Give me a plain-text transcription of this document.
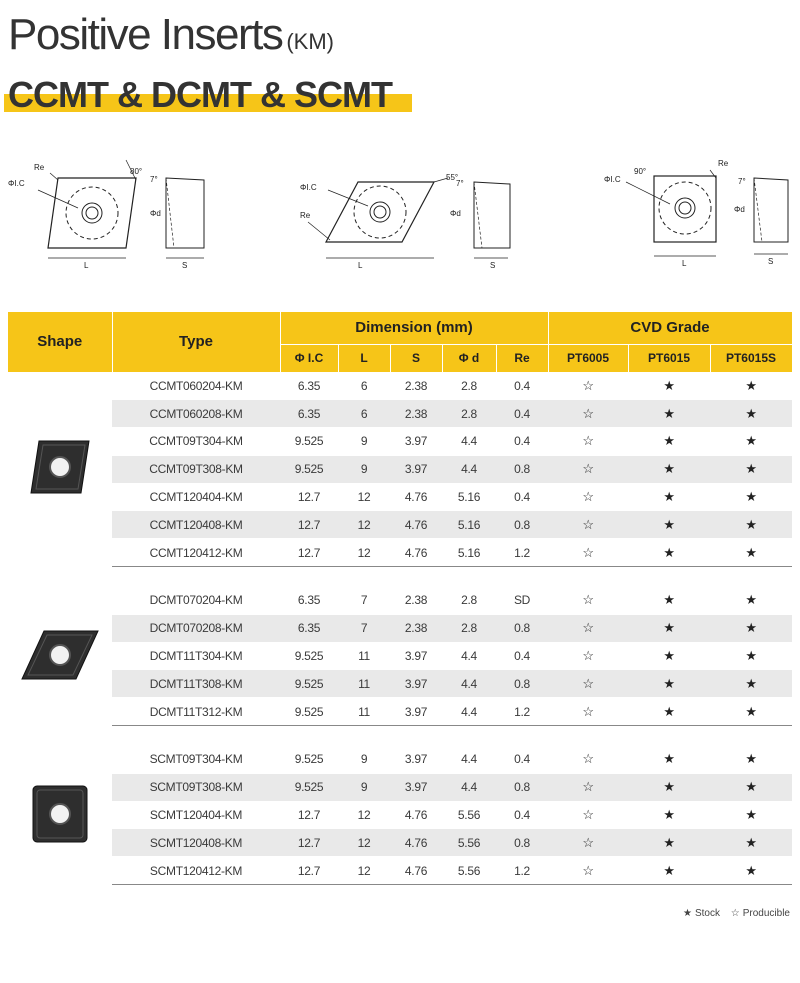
Positive Inserts (KM)
CCMT & DCMT & SCMT
ΦI.C
Re	80°
L
7°
Φd
S
ΦI.C
Re
55°
L
7°
Φd
S
ΦI.C
Re
90°
L
7°
Φd
S
Shape	Type	Dimension (mm)					CVD Grade		
		Φ I.C	L	S	Φ d	Re	PT6005	PT6015	PT6015S
	CCMT060204-KM	6.35	6	2.38	2.8	0.4	☆	★	★
	CCMT060208-KM	6.35	6	2.38	2.8	0.4	☆	★	★
	CCMT09T304-KM	9.525	9	3.97	4.4	0.4	☆	★	★
	CCMT09T308-KM	9.525	9	3.97	4.4	0.8	☆	★	★
	CCMT120404-KM	12.7	12	4.76	5.16	0.4	☆	★	★
	CCMT120408-KM	12.7	12	4.76	5.16	0.8	☆	★	★
	CCMT120412-KM	12.7	12	4.76	5.16	1.2	☆	★	★

	DCMT070204-KM	6.35	7	2.38	2.8	SD	☆	★	★
	DCMT070208-KM	6.35	7	2.38	2.8	0.8	☆	★	★
	DCMT11T304-KM	9.525	11	3.97	4.4	0.4	☆	★	★
	DCMT11T308-KM	9.525	11	3.97	4.4	0.8	☆	★	★
	DCMT11T312-KM	9.525	11	3.97	4.4	1.2	☆	★	★

	SCMT09T304-KM	9.525	9	3.97	4.4	0.4	☆	★	★
	SCMT09T308-KM	9.525	9	3.97	4.4	0.8	☆	★	★
	SCMT120404-KM	12.7	12	4.76	5.56	0.4	☆	★	★
	SCMT120408-KM	12.7	12	4.76	5.56	0.8	☆	★	★
	SCMT120412-KM	12.7	12	4.76	5.56	1.2	☆	★	★
★ Stock ☆ Producible
